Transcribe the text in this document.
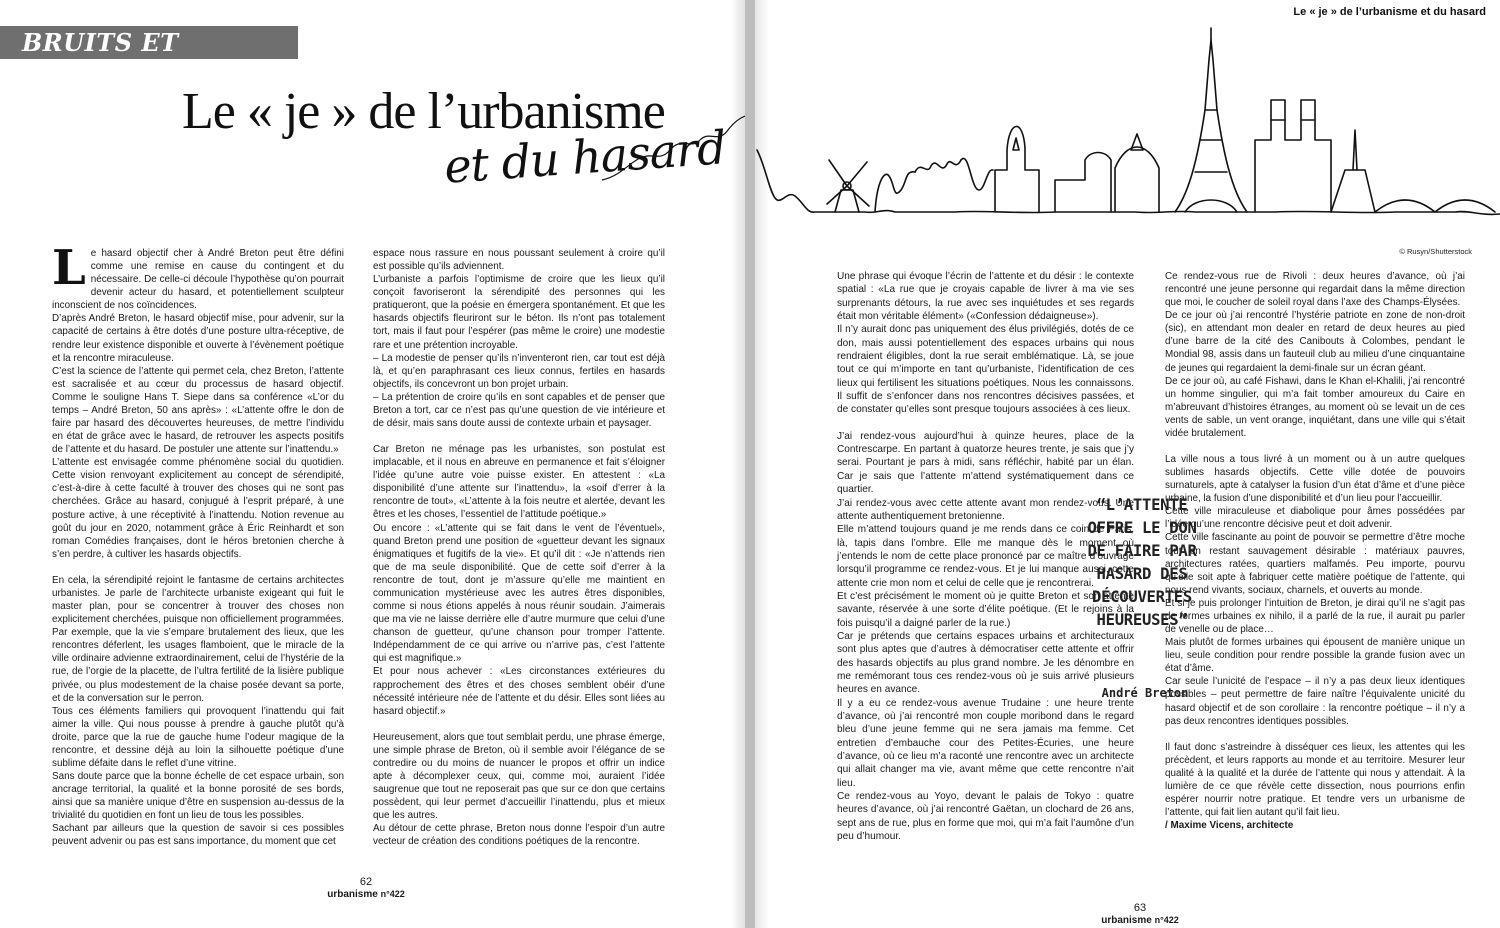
BRUITS ET HUMEURS
Le « je » de l’urbanisme
et du hasard

Le hasard objectif cher à André Breton peut être défini comme une remise en cause du contingent et du nécessaire. De celle-ci découle l’hypothèse qu’on pourrait devenir acteur du hasard, et potentiellement sculpteur inconscient de nos coïncidences.

D’après André Breton, le hasard objectif mise, pour advenir, sur la capacité de certains à être dotés d’une posture ultra-réceptive, de rendre leur existence disponible et ouverte à l’évènement poétique et la rencontre miraculeuse.

C’est la science de l’attente qui permet cela, chez Breton, l’attente est sacralisée et au cœur du processus de hasard objectif. Comme le souligne Hans T. Siepe dans sa conférence «L’or du temps – André Breton, 50 ans après» : «L’attente offre le don de faire par hasard des découvertes heureuses, de mettre l’individu en état de grâce avec le hasard, de retrouver les aspects positifs de l’attente et du hasard. De postuler une attente sur l’inattendu.»

L’attente est envisagée comme phénomène social du quotidien. Cette vision renvoyant explicitement au concept de sérendipité, c’est-à-dire à cette faculté à trouver des choses qui ne sont pas cherchées. Grâce au hasard, conjugué à l’esprit préparé, à une posture active, à une réceptivité à l’inattendu. Notion revenue au goût du jour en 2020, notamment grâce à Éric Reinhardt et son roman Comédies françaises, dont le héros bretonien cherche à s’en perdre, à cultiver les hasards objectifs.

En cela, la sérendipité rejoint le fantasme de certains architectes urbanistes. Je parle de l’architecte urbaniste exigeant qui fuit le master plan, pour se concentrer à trouver des choses non explicitement cherchées, puisque non officiellement programmées.

Par exemple, que la vie s’empare brutalement des lieux, que les rencontres déferlent, les usages flamboient, que le miracle de la ville ordinaire advienne extraordinairement, celui de l’hystérie de la rue, de l’orgie de la placette, de l’ultra fertilité de la lisière publique privée, ou plus modestement de la chaise posée devant sa porte, et de la conversation sur le perron.

Tous ces éléments familiers qui provoquent l’inattendu qui fait aimer la ville. Qui nous pousse à prendre à gauche plutôt qu’à droite, parce que la rue de gauche hume l’odeur magique de la rencontre, et dessine déjà au loin la silhouette poétique d’une sublime défaite dans le reflet d’une vitrine.

Sans doute parce que la bonne échelle de cet espace urbain, son ancrage territorial, la qualité et la bonne porosité de ses bords, ainsi que sa manière unique d’être en suspension au-dessus de la trivialité du quotidien en font un lieu de tous les possibles.

Sachant par ailleurs que la question de savoir si ces possibles peuvent advenir ou pas est sans importance, du moment que cet

espace nous rassure en nous poussant seulement à croire qu’il est possible qu’ils adviennent.

L’urbaniste a parfois l’optimisme de croire que les lieux qu’il conçoit favoriseront la sérendipité des personnes qui les pratiqueront, que la poésie en émergera spontanément. Et que les hasards objectifs fleuriront sur le béton. Ils n’ont pas totalement tort, mais il faut pour l’espérer (pas même le croire) une modestie rare et une prétention incroyable.

– La modestie de penser qu’ils n’inventeront rien, car tout est déjà là, et qu’en paraphrasant ces lieux connus, fertiles en hasards objectifs, ils concevront un bon projet urbain.

– La prétention de croire qu’ils en sont capables et de penser que Breton a tort, car ce n’est pas qu’une question de vie intérieure et de désir, mais sans doute aussi de contexte urbain et paysager.

Car Breton ne ménage pas les urbanistes, son postulat est implacable, et il nous en abreuve en permanence et fait s’éloigner l’idée qu’une autre voie puisse exister. En attestent : «La disponibilité d’une attente sur l’inattendu», la «soif d’errer à la rencontre de tout», «L’attente à la fois neutre et alertée, devant les êtres et les choses, l’essentiel de l’attitude poétique.»

Ou encore : «L’attente qui se fait dans le vent de l’éventuel», quand Breton prend une position de «guetteur devant les signaux énigmatiques et fugitifs de la vie». Et qu’il dit : «Je n’attends rien que de ma seule disponibilité. Que de cette soif d’errer à la rencontre de tout, dont je m’assure qu’elle me maintient en communication mystérieuse avec les autres êtres disponibles, comme si nous étions appelés à nous réunir soudain. J’aimerais que ma vie ne laisse derrière elle d’autre murmure que celui d’une chanson de guetteur, qu’une chanson pour tromper l’attente. Indépendamment de ce qui arrive ou n’arrive pas, c’est l’attente qui est magnifique.»

Et pour nous achever : «Les circonstances extérieures du rapprochement des êtres et des choses semblent obéir d’une nécessité intérieure née de l’attente et du désir. Elles sont liées au hasard objectif.»

Heureusement, alors que tout semblait perdu, une phrase émerge, une simple phrase de Breton, où il semble avoir l’élégance de se contredire ou du moins de nuancer le propos et offrir un indice apte à décomplexer ceux, qui, comme moi, auraient l’idée saugrenue que tout ne reposerait pas que sur ce don que certains possèdent, qui leur permet d’accueillir l’inattendu, plus et mieux que les autres.

Au détour de cette phrase, Breton nous donne l’espoir d’un autre vecteur de création des conditions poétiques de la rencontre.

62
urbanisme n°422
Le « je » de l’urbanisme et du hasard
© Rusyn/Shutterstock

Une phrase qui évoque l’écrin de l’attente et du désir : le contexte spatial : «La rue que je croyais capable de livrer à ma vie ses surprenants détours, la rue avec ses inquiétudes et ses regards était mon véritable élément» («Confession dédaigneuse»).

Il n’y aurait donc pas uniquement des élus privilégiés, dotés de ce don, mais aussi potentiellement des espaces urbains qui nous rendraient éligibles, dont la rue serait emblématique. Là, se joue tout ce qui m’importe en tant qu’urbaniste, l’identification de ces lieux qui fertilisent les situations poétiques. Nous les connaissons. Il suffit de s’enfoncer dans nos rencontres décisives passées, et de constater qu’elles sont presque toujours associées à ces lieux.

J’ai rendez-vous aujourd’hui à quinze heures, place de la Contrescarpe. En partant à quatorze heures trente, je sais que j’y serai. Pourtant je pars à midi, sans réfléchir, habité par un élan. Car je sais que l’attente m’attend systématiquement dans ce quartier.

J’ai rendez-vous avec cette attente avant mon rendez-vous. Une attente authentiquement bretonienne.

Elle m’attend toujours quand je me rends dans ce coin de Paris, là, tapis dans l’ombre. Elle me manque dès le moment où j’entends le nom de cette place prononcé par ce maître d’ouvrage lorsqu’il programme ce rendez-vous. Et je lui manque aussi, cette attente crie mon nom et celui de celle que je rencontrerai.

Et c’est précisément le moment où je quitte Breton et son attente savante, réservée à une sorte d’élite poétique. (Et le rejoins à la fois puisqu’il a daigné parler de la rue.)

Car je prétends que certains espaces urbains et architecturaux sont plus aptes que d’autres à démocratiser cette attente et offrir des hasards objectifs au plus grand nombre. Je les dénombre en me remémorant tous ces rendez-vous où je suis arrivé plusieurs heures en avance.

Il y a eu ce rendez-vous avenue Trudaine : une heure trente d’avance, où j’ai rencontré mon couple moribond dans le regard bleu d’une jeune femme qui ne sera jamais ma femme. Cet entretien d’embauche cour des Petites-Écuries, une heure d’avance, où ce lieu m’a raconté une rencontre avec un architecte qui allait changer ma vie, avant même que cette rencontre n’ait lieu.

Ce rendez-vous au Yoyo, devant le palais de Tokyo : quatre heures d’avance, où j’ai rencontré Gaëtan, un clochard de 26 ans, sept ans de rue, plus en forme que moi, qui m’a fait l’aumône d’un peu d’humour.

Ce rendez-vous rue de Rivoli : deux heures d’avance, où j’ai rencontré une jeune personne qui regardait dans la même direction que moi, le coucher de soleil royal dans l’axe des Champs-Élysées.

De ce jour où j’ai rencontré l’hystérie patriote en zone de non-droit (sic), en attendant mon dealer en retard de deux heures au pied d’une barre de la cité des Canibouts à Colombes, pendant le Mondial 98, assis dans un fauteuil club au milieu d’une cinquantaine de jeunes qui regardaient la demi-finale sur un écran géant.

De ce jour où, au café Fishawi, dans le Khan el-Khalili, j’ai rencontré un homme singulier, qui m’a fait tomber amoureux du Caire en m’abreuvant d’histoires étranges, au moment où se levait un de ces vents de sable, un vent orange, inquiétant, dans une ville qui s’était vidée brutalement.

La ville nous a tous livré à un moment ou à un autre quelques sublimes hasards objectifs. Cette ville dotée de pouvoirs surnaturels, apte à catalyser la fusion d’un état d’âme et d’une pièce urbaine, la fusion d’une disponibilité et d’un lieu pour l’accueillir.

Cette ville miraculeuse et diabolique pour âmes possédées par l’idée qu’une rencontre décisive peut et doit advenir.

Cette ville fascinante au point de pouvoir se permettre d’être moche tout en restant sauvagement désirable : matériaux pauvres, architectures ratées, quartiers malfamés. Peu importe, pourvu qu’elle soit apte à fabriquer cette matière poétique de l’attente, qui nous rend vivants, sociaux, charnels, et ouverts au monde.

Et si je puis prolonger l’intuition de Breton, je dirai qu’il ne s’agit pas de formes urbaines ex nihilo, il a parlé de la rue, il aurait pu parler de venelle ou de place…

Mais plutôt de formes urbaines qui épousent de manière unique un lieu, seule condition pour rendre possible la grande fusion avec un état d’âme.

Car seule l’unicité de l’espace – il n’y a pas deux lieux identiques possibles – peut permettre de faire naître l’équivalente unicité du hasard objectif et de son corollaire : la rencontre poétique – il n’y a pas deux rencontres identiques possibles.

Il faut donc s’astreindre à disséquer ces lieux, les attentes qui les précèdent, et leurs rapports au monde et au territoire. Mesurer leur qualité à la qualité et la durée de l’attente qui nous y attendait. À la lumière de ce que révèle cette dissection, nous pourrions enfin espérer nourrir notre pratique. Et tendre vers un urbanisme de l’attente, qui fait lien autant qu’il fait lieu.

/ Maxime Vicens, architecte

“L’ATTENTE OFFRE LE DON DE FAIRE PAR HASARD DES DÉCOUVERTES HEUREUSES”
André Breton
63
urbanisme n°422
